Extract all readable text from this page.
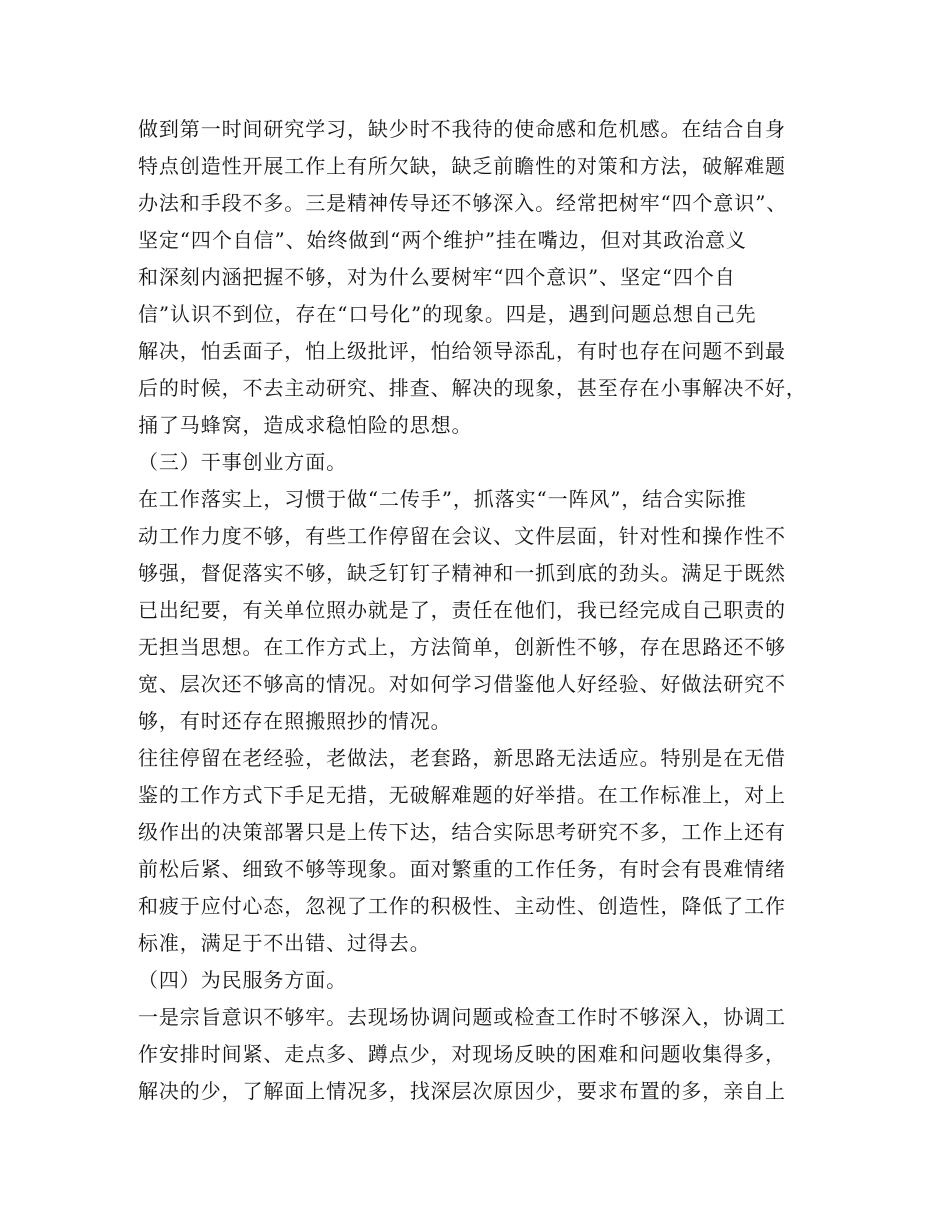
做到第一时间研究学习，缺少时不我待的使命感和危机感。在结合自身
特点创造性开展工作上有所欠缺，缺乏前瞻性的对策和方法，破解难题
办法和手段不多。三是精神传导还不够深入。经常把树牢“四个意识”、
坚定“四个自信”、始终做到“两个维护”挂在嘴边，但对其政治意义
和深刻内涵把握不够，对为什么要树牢“四个意识”、坚定“四个自
信”认识不到位，存在“口号化”的现象。四是，遇到问题总想自己先
解决，怕丢面子，怕上级批评，怕给领导添乱，有时也存在问题不到最
后的时候，不去主动研究、排查、解决的现象，甚至存在小事解决不好，
捅了马蜂窝，造成求稳怕险的思想。
（三）干事创业方面。
在工作落实上，习惯于做“二传手”，抓落实“一阵风”，结合实际推
动工作力度不够，有些工作停留在会议、文件层面，针对性和操作性不
够强，督促落实不够，缺乏钉钉子精神和一抓到底的劲头。满足于既然
已出纪要，有关单位照办就是了，责任在他们，我已经完成自己职责的
无担当思想。在工作方式上，方法简单，创新性不够，存在思路还不够
宽、层次还不够高的情况。对如何学习借鉴他人好经验、好做法研究不
够，有时还存在照搬照抄的情况。
往往停留在老经验，老做法，老套路，新思路无法适应。特别是在无借
鉴的工作方式下手足无措，无破解难题的好举措。在工作标准上，对上
级作出的决策部署只是上传下达，结合实际思考研究不多，工作上还有
前松后紧、细致不够等现象。面对繁重的工作任务，有时会有畏难情绪
和疲于应付心态，忽视了工作的积极性、主动性、创造性，降低了工作
标准，满足于不出错、过得去。
（四）为民服务方面。
一是宗旨意识不够牢。去现场协调问题或检查工作时不够深入，协调工
作安排时间紧、走点多、蹲点少，对现场反映的困难和问题收集得多，
解决的少，了解面上情况多，找深层次原因少，要求布置的多，亲自上
